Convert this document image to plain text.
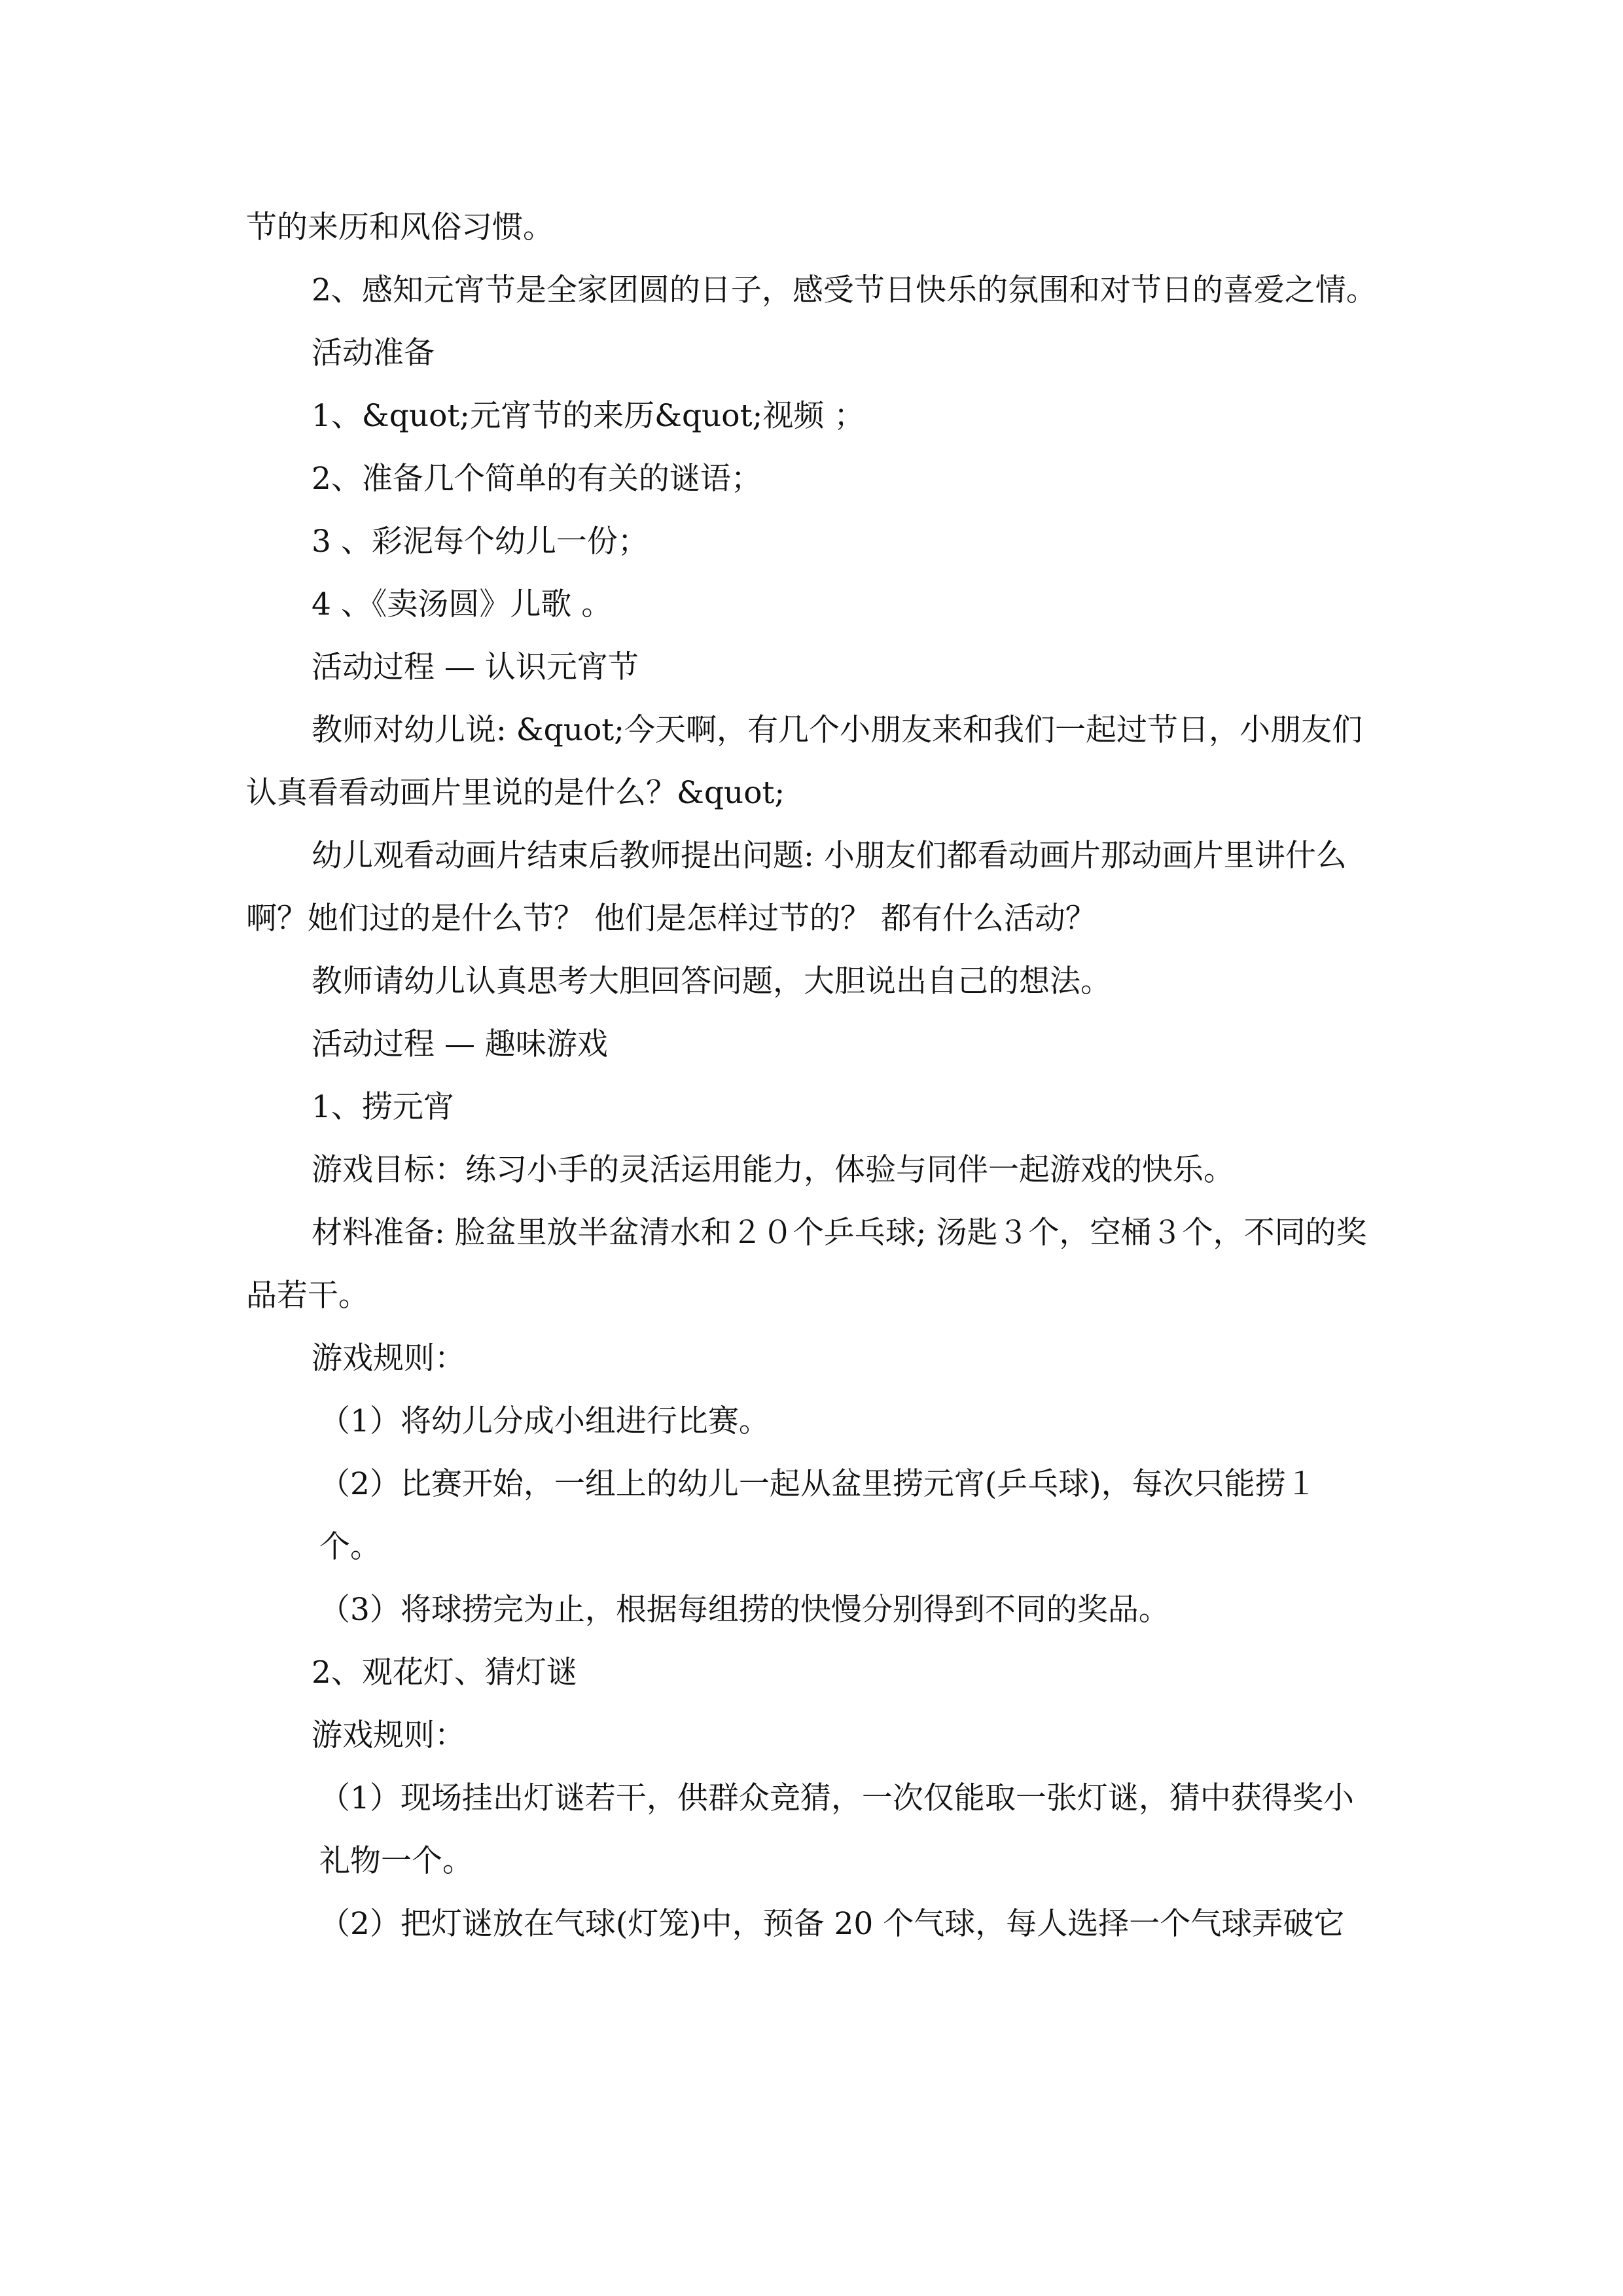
节的来历和风俗习惯。

2、感知元宵节是全家团圆的日子，感受节日快乐的氛围和对节日的喜爱之情。

活动准备

1、&quot;元宵节的来历&quot;视频 ；

2、准备几个简单的有关的谜语；

3 、彩泥每个幼儿一份；

4 、《卖汤圆》儿歌 。

活动过程 — 认识元宵节

教师对幼儿说: &quot;今天啊，有几个小朋友来和我们一起过节日，小朋友们认真看看动画片里说的是什么？&quot;

幼儿观看动画片结束后教师提出问题: 小朋友们都看动画片那动画片里讲什么啊？她们过的是什么节？ 他们是怎样过节的？ 都有什么活动？

教师请幼儿认真思考大胆回答问题，大胆说出自己的想法。

活动过程 — 趣味游戏

1、捞元宵

游戏目标：练习小手的灵活运用能力，体验与同伴一起游戏的快乐。

材料准备: 脸盆里放半盆清水和２０个乒乓球; 汤匙３个，空桶３个，不同的奖品若干。

游戏规则：

（1）将幼儿分成小组进行比赛。

（2）比赛开始，一组上的幼儿一起从盆里捞元宵(乒乓球)，每次只能捞１个。

（3）将球捞完为止，根据每组捞的快慢分别得到不同的奖品。

2、观花灯、猜灯谜

游戏规则：

（1）现场挂出灯谜若干，供群众竞猜，一次仅能取一张灯谜，猜中获得奖小礼物一个。

（2）把灯谜放在气球(灯笼)中，预备 20 个气球，每人选择一个气球弄破它
